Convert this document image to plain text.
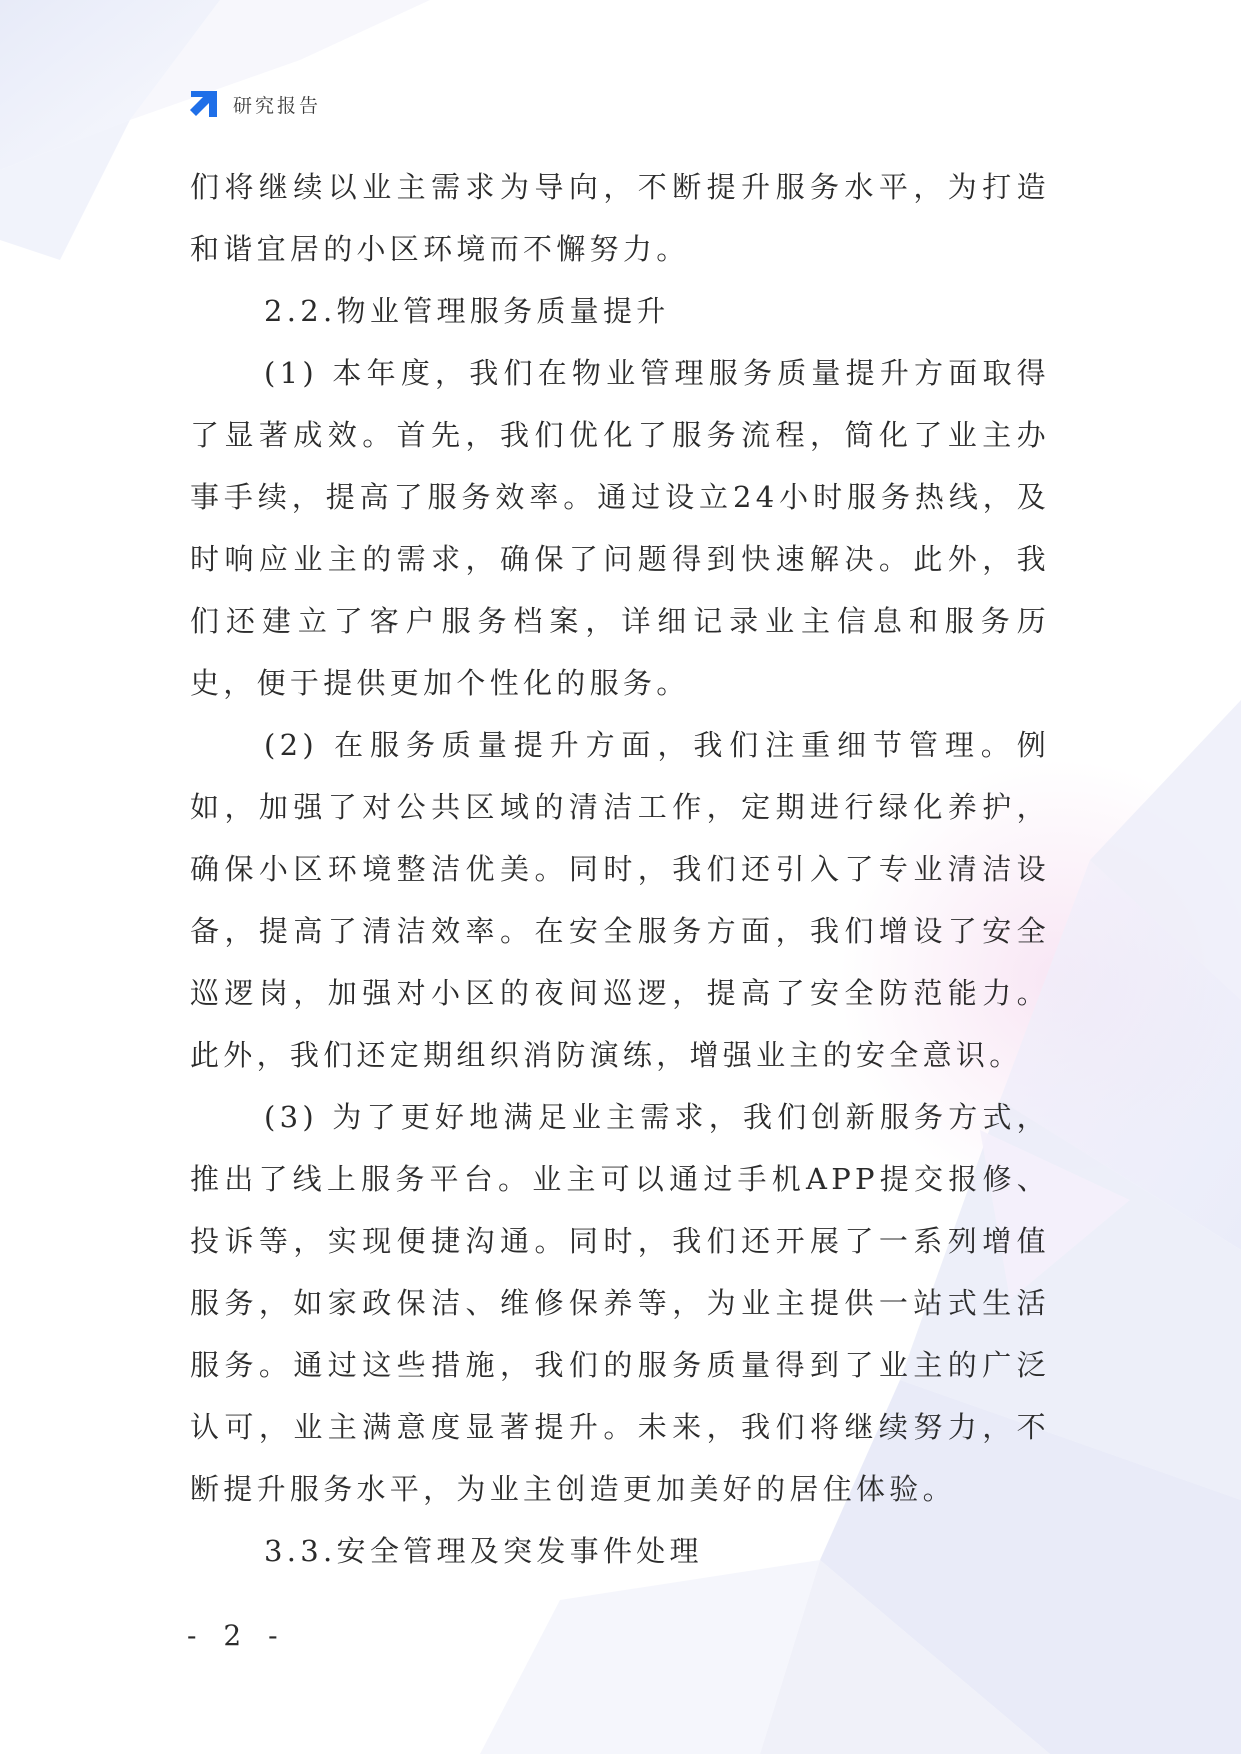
研究报告

们将继续以业主需求为导向，不断提升服务水平，为打造和谐宜居的小区环境而不懈努力。

2.2.物业管理服务质量提升

(1) 本年度，我们在物业管理服务质量提升方面取得了显著成效。首先，我们优化了服务流程，简化了业主办事手续，提高了服务效率。通过设立24小时服务热线，及时响应业主的需求，确保了问题得到快速解决。此外，我们还建立了客户服务档案，详细记录业主信息和服务历史，便于提供更加个性化的服务。

(2) 在服务质量提升方面，我们注重细节管理。例如，加强了对公共区域的清洁工作，定期进行绿化养护，确保小区环境整洁优美。同时，我们还引入了专业清洁设备，提高了清洁效率。在安全服务方面，我们增设了安全巡逻岗，加强对小区的夜间巡逻，提高了安全防范能力。此外，我们还定期组织消防演练，增强业主的安全意识。

(3) 为了更好地满足业主需求，我们创新服务方式，推出了线上服务平台。业主可以通过手机APP提交报修、投诉等，实现便捷沟通。同时，我们还开展了一系列增值服务，如家政保洁、维修保养等，为业主提供一站式生活服务。通过这些措施，我们的服务质量得到了业主的广泛认可，业主满意度显著提升。未来，我们将继续努力，不断提升服务水平，为业主创造更加美好的居住体验。

3.3.安全管理及突发事件处理

- 2 -
